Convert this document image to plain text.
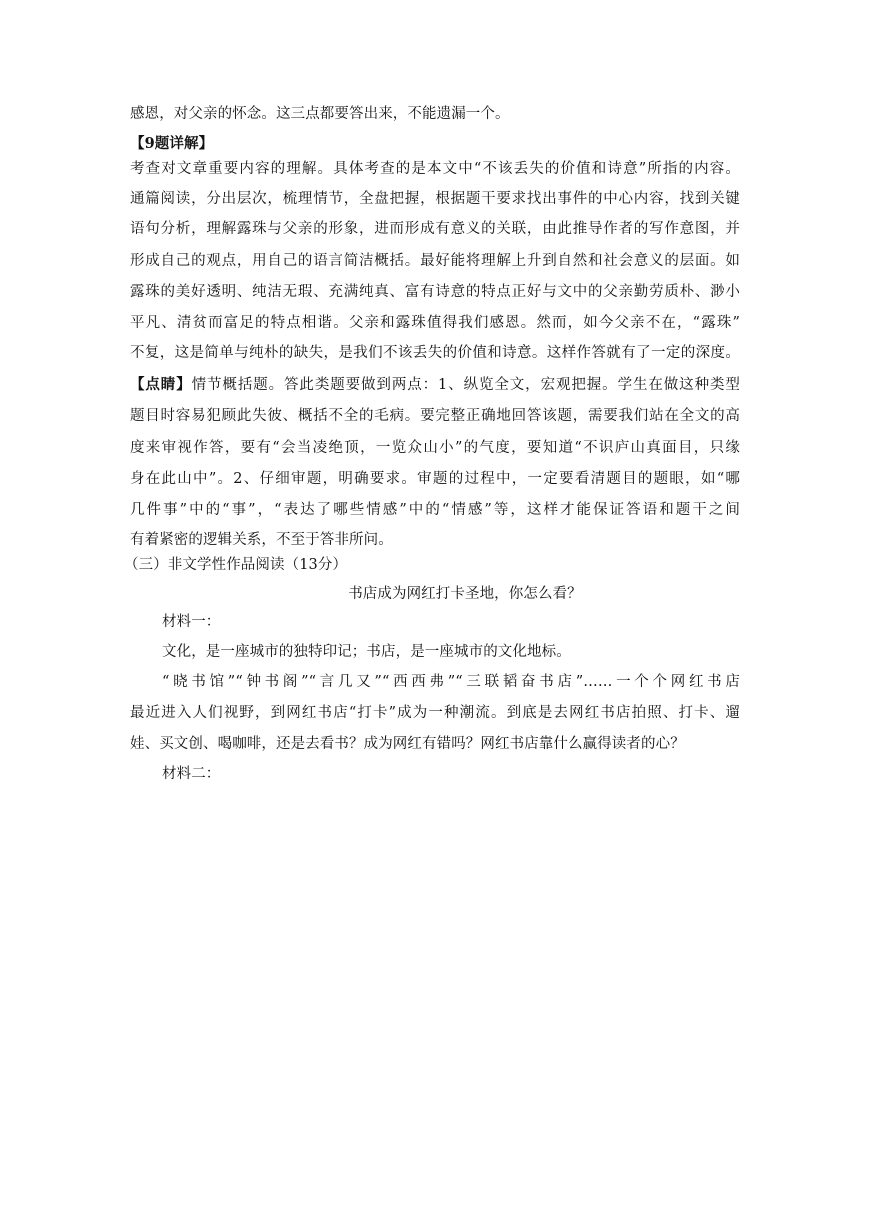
感恩，对父亲的怀念。这三点都要答出来，不能遗漏一个。
【9题详解】
考查对文章重要内容的理解。具体考查的是本文中“不该丢失的价值和诗意”所指的内容。
通篇阅读，分出层次，梳理情节，全盘把握，根据题干要求找出事件的中心内容，找到关键
语句分析，理解露珠与父亲的形象，进而形成有意义的关联，由此推导作者的写作意图，并
形成自己的观点，用自己的语言简洁概括。最好能将理解上升到自然和社会意义的层面。如
露珠的美好透明、纯洁无瑕、充满纯真、富有诗意的特点正好与文中的父亲勤劳质朴、渺小
平凡、清贫而富足的特点相谐。父亲和露珠值得我们感恩。然而，如今父亲不在，“露珠”
不复，这是简单与纯朴的缺失，是我们不该丢失的价值和诗意。这样作答就有了一定的深度。
【点睛】情节概括题。答此类题要做到两点：1、纵览全文，宏观把握。学生在做这种类型
题目时容易犯顾此失彼、概括不全的毛病。要完整正确地回答该题，需要我们站在全文的高
度来审视作答，要有“会当凌绝顶，一览众山小”的气度，要知道“不识庐山真面目，只缘
身在此山中”。2、仔细审题，明确要求。审题的过程中，一定要看清题目的题眼，如“哪
几件事”中的“事”，“表达了哪些情感”中的“情感”等，这样才能保证答语和题干之间
有着紧密的逻辑关系，不至于答非所问。
（三）非文学性作品阅读（13分）
书店成为网红打卡圣地，你怎么看？
材料一：
文化，是一座城市的独特印记；书店，是一座城市的文化地标。
“晓书馆”“钟书阁”“言几又”“西西弗”“三联韬奋书店”……一个个网红书店
最近进入人们视野，到网红书店“打卡”成为一种潮流。到底是去网红书店拍照、打卡、遛
娃、买文创、喝咖啡，还是去看书？成为网红有错吗？网红书店靠什么赢得读者的心？
材料二：
